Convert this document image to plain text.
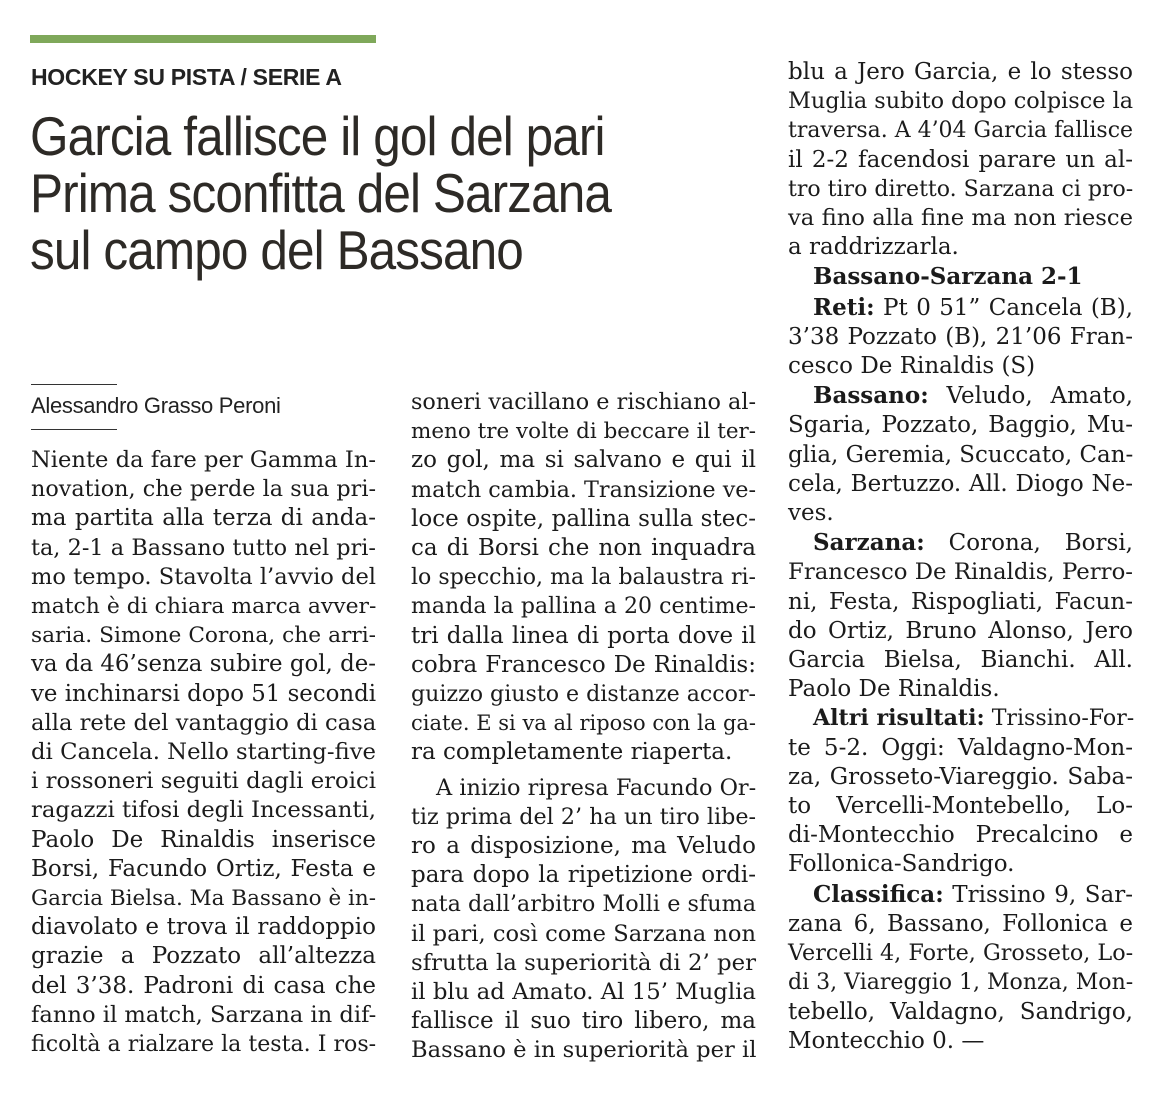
HOCKEY SU PISTA / SERIE A
Garcia fallisce il gol del pari
Prima sconfitta del Sarzana
sul campo del Bassano
Alessandro Grasso Peroni
Niente da fare per Gamma In-
novation, che perde la sua pri-
ma partita alla terza di anda-
ta, 2-1 a Bassano tutto nel pri-
mo tempo. Stavolta l’avvio del
match è di chiara marca avver-
saria. Simone Corona, che arri-
va da 46’senza subire gol, de-
ve inchinarsi dopo 51 secondi
alla rete del vantaggio di casa
di Cancela. Nello starting-five
i rossoneri seguiti dagli eroici
ragazzi tifosi degli Incessanti,
Paolo De Rinaldis inserisce
Borsi, Facundo Ortiz, Festa e
Garcia Bielsa. Ma Bassano è in-
diavolato e trova il raddoppio
grazie a Pozzato all’altezza
del 3’38. Padroni di casa che
fanno il match, Sarzana in dif-
ficoltà a rialzare la testa. I ros-
soneri vacillano e rischiano al-
meno tre volte di beccare il ter-
zo gol, ma si salvano e qui il
match cambia. Transizione ve-
loce ospite, pallina sulla stec-
ca di Borsi che non inquadra
lo specchio, ma la balaustra ri-
manda la pallina a 20 centime-
tri dalla linea di porta dove il
cobra Francesco De Rinaldis:
guizzo giusto e distanze accor-
ciate. E si va al riposo con la ga-
ra completamente riaperta.
A inizio ripresa Facundo Or-
tiz prima del 2’ ha un tiro libe-
ro a disposizione, ma Veludo
para dopo la ripetizione ordi-
nata dall’arbitro Molli e sfuma
il pari, così come Sarzana non
sfrutta la superiorità di 2’ per
il blu ad Amato. Al 15’ Muglia
fallisce il suo tiro libero, ma
Bassano è in superiorità per il
blu a Jero Garcia, e lo stesso
Muglia subito dopo colpisce la
traversa. A 4’04 Garcia fallisce
il 2-2 facendosi parare un al-
tro tiro diretto. Sarzana ci pro-
va fino alla fine ma non riesce
a raddrizzarla.
Bassano-Sarzana 2-1
Reti: Pt 0 51” Cancela (B),
3’38 Pozzato (B), 21’06 Fran-
cesco De Rinaldis (S)
Bassano: Veludo, Amato,
Sgaria, Pozzato, Baggio, Mu-
glia, Geremia, Scuccato, Can-
cela, Bertuzzo. All. Diogo Ne-
ves.
Sarzana: Corona, Borsi,
Francesco De Rinaldis, Perro-
ni, Festa, Rispogliati, Facun-
do Ortiz, Bruno Alonso, Jero
Garcia Bielsa, Bianchi. All.
Paolo De Rinaldis.
Altri risultati: Trissino-For-
te 5-2. Oggi: Valdagno-Mon-
za, Grosseto-Viareggio. Saba-
to Vercelli-Montebello, Lo-
di-Montecchio Precalcino e
Follonica-Sandrigo.
Classifica: Trissino 9, Sar-
zana 6, Bassano, Follonica e
Vercelli 4, Forte, Grosseto, Lo-
di 3, Viareggio 1, Monza, Mon-
tebello, Valdagno, Sandrigo,
Montecchio 0. —
